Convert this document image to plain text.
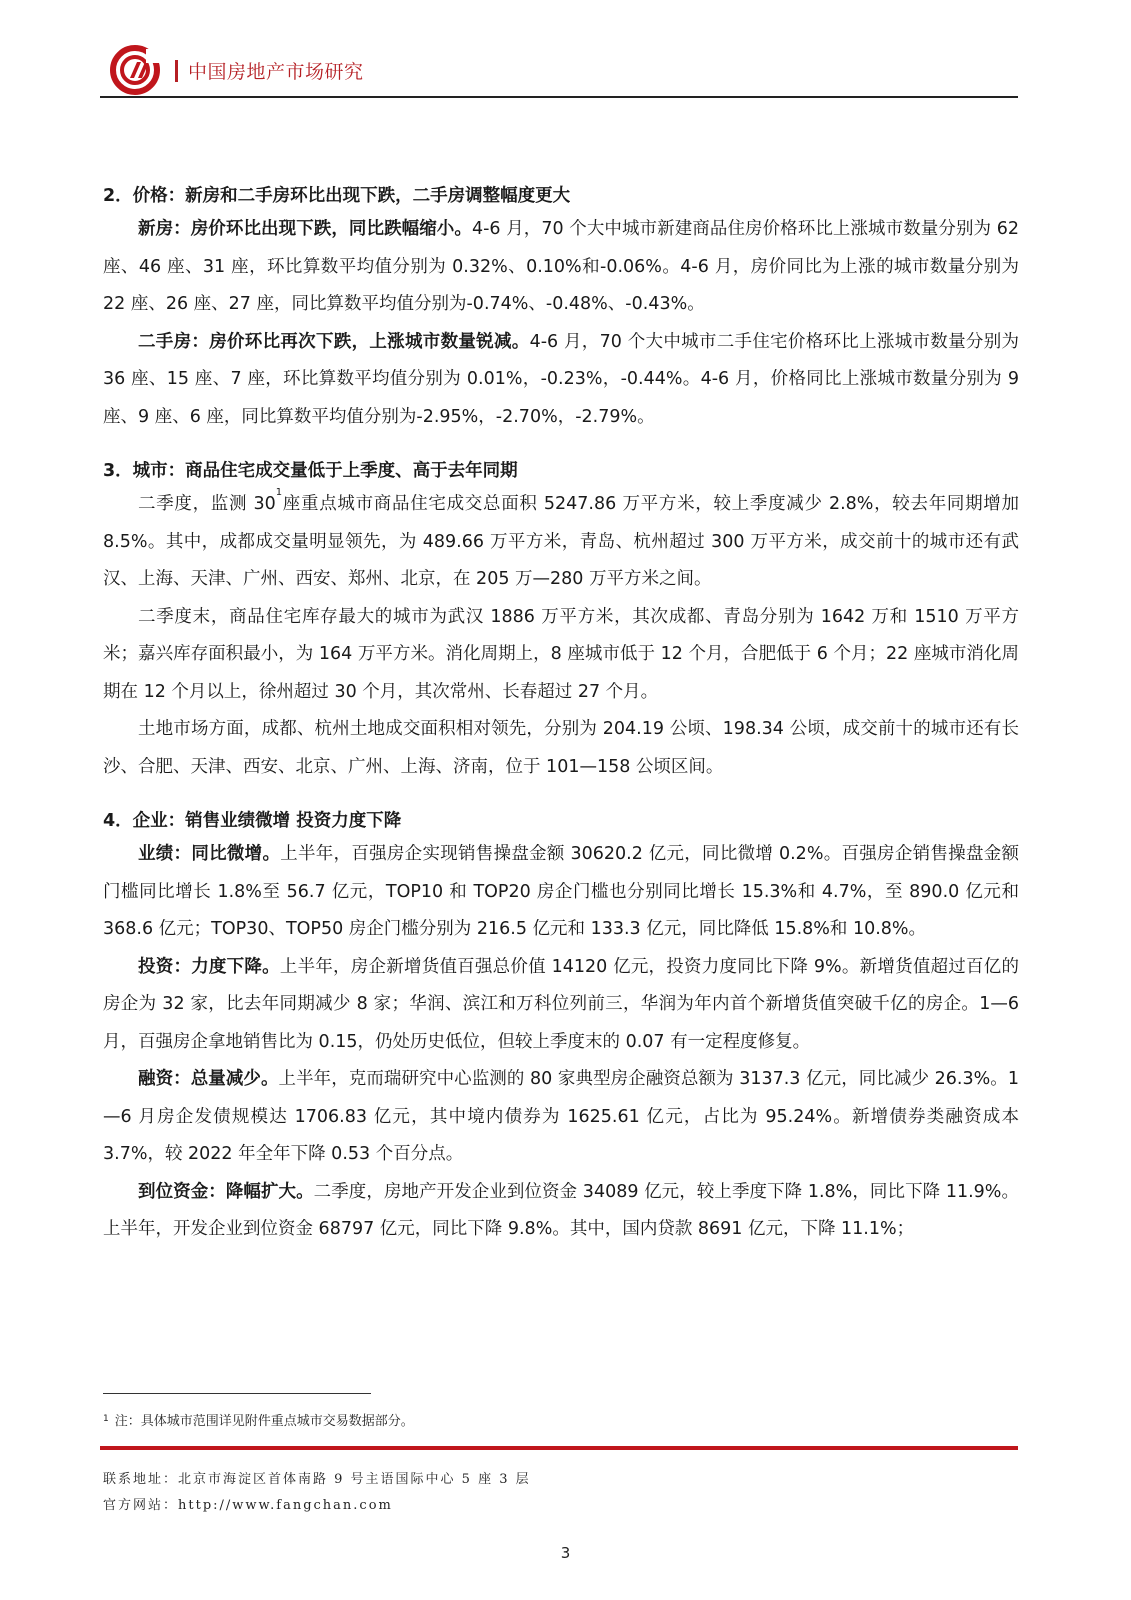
中国房地产市场研究

2．价格：新房和二手房环比出现下跌，二手房调整幅度更大

新房：房价环比出现下跌，同比跌幅缩小。4-6 月，70 个大中城市新建商品住房价格环比上涨城市数量分别为 62 座、46 座、31 座，环比算数平均值分别为 0.32%、0.10%和-0.06%。4-6 月，房价同比为上涨的城市数量分别为 22 座、26 座、27 座，同比算数平均值分别为-0.74%、-0.48%、-0.43%。

二手房：房价环比再次下跌，上涨城市数量锐减。4-6 月，70 个大中城市二手住宅价格环比上涨城市数量分别为 36 座、15 座、7 座，环比算数平均值分别为 0.01%，-0.23%，-0.44%。4-6 月，价格同比上涨城市数量分别为 9 座、9 座、6 座，同比算数平均值分别为-2.95%，-2.70%，-2.79%。

3．城市：商品住宅成交量低于上季度、高于去年同期

二季度，监测 $30^1$座重点城市商品住宅成交总面积 5247.86 万平方米，较上季度减少 2.8%，较去年同期增加 8.5%。其中，成都成交量明显领先，为 489.66 万平方米，青岛、杭州超过 300 万平方米，成交前十的城市还有武汉、上海、天津、广州、西安、郑州、北京，在 205 万—280 万平方米之间。

二季度末，商品住宅库存最大的城市为武汉 1886 万平方米，其次成都、青岛分别为 1642 万和 1510 万平方米；嘉兴库存面积最小，为 164 万平方米。消化周期上，8 座城市低于 12 个月，合肥低于 6 个月；22 座城市消化周期在 12 个月以上，徐州超过 30 个月，其次常州、长春超过 27 个月。

土地市场方面，成都、杭州土地成交面积相对领先，分别为 204.19 公顷、198.34 公顷，成交前十的城市还有长沙、合肥、天津、西安、北京、广州、上海、济南，位于 101—158 公顷区间。

4．企业：销售业绩微增 投资力度下降

业绩：同比微增。上半年，百强房企实现销售操盘金额 30620.2 亿元，同比微增 0.2%。百强房企销售操盘金额门槛同比增长 1.8%至 56.7 亿元，TOP10 和 TOP20 房企门槛也分别同比增长 15.3%和 4.7%，至 890.0 亿元和 368.6 亿元；TOP30、TOP50 房企门槛分别为 216.5 亿元和 133.3 亿元，同比降低 15.8%和 10.8%。

投资：力度下降。上半年，房企新增货值百强总价值 14120 亿元，投资力度同比下降 9%。新增货值超过百亿的房企为 32 家，比去年同期减少 8 家；华润、滨江和万科位列前三，华润为年内首个新增货值突破千亿的房企。1—6 月，百强房企拿地销售比为 0.15，仍处历史低位，但较上季度末的 0.07 有一定程度修复。

融资：总量减少。上半年，克而瑞研究中心监测的 80 家典型房企融资总额为 3137.3 亿元，同比减少 26.3%。1—6 月房企发债规模达 1706.83 亿元，其中境内债券为 1625.61 亿元，占比为 95.24%。新增债券类融资成本 3.7%，较 2022 年全年下降 0.53 个百分点。

到位资金：降幅扩大。二季度，房地产开发企业到位资金 34089 亿元，较上季度下降 1.8%，同比下降 11.9%。上半年，开发企业到位资金 68797 亿元，同比下降 9.8%。其中，国内贷款 8691 亿元，下降 11.1%；

$^1$ 注：具体城市范围详见附件重点城市交易数据部分。
联系地址：北京市海淀区首体南路 9 号主语国际中心 5 座 3 层
官方网站：http://www.fangchan.com
3
